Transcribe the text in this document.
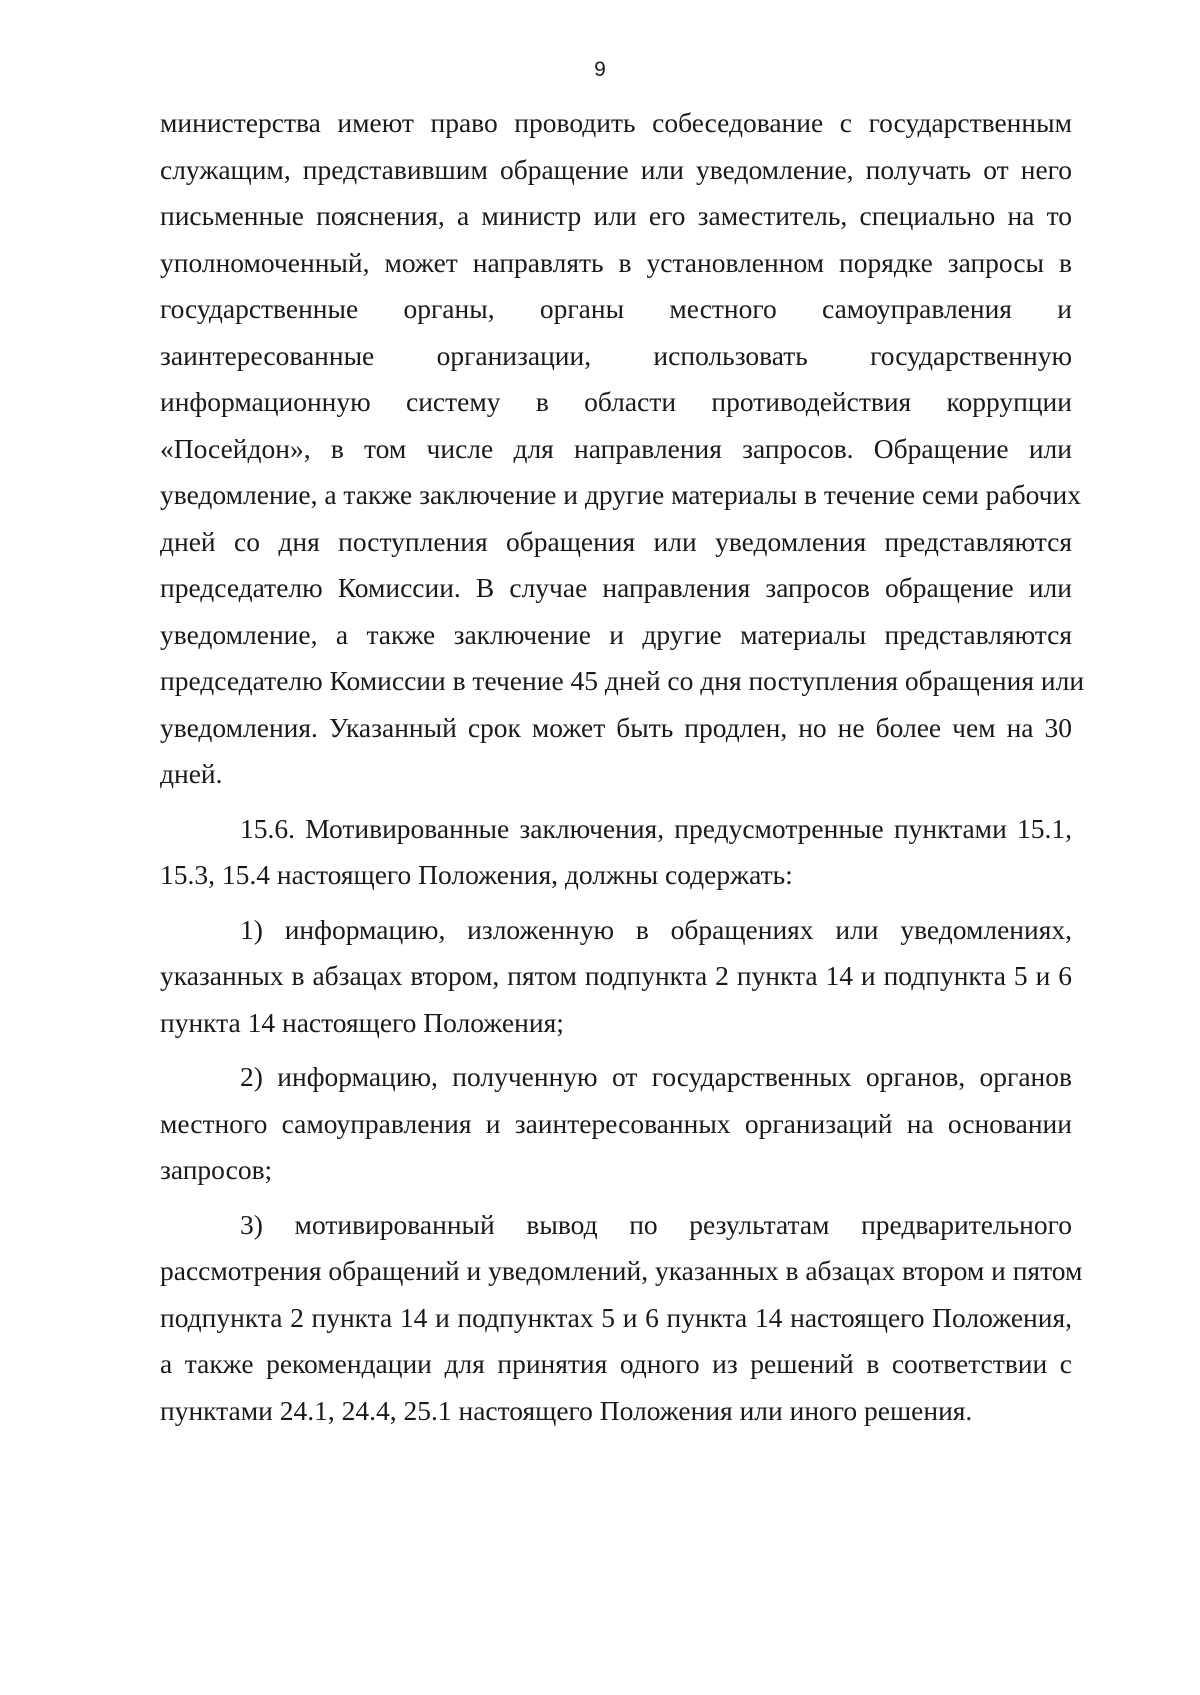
9
министерства имеют право проводить собеседование с государственным
служащим, представившим обращение или уведомление, получать от него
письменные пояснения, а министр или его заместитель, специально на то
уполномоченный, может направлять в установленном порядке запросы в
государственные органы, органы местного самоуправления и
заинтересованные организации, использовать государственную
информационную систему в области противодействия коррупции
«Посейдон», в том числе для направления запросов. Обращение или
уведомление, а также заключение и другие материалы в течение семи рабочих
дней со дня поступления обращения или уведомления представляются
председателю Комиссии. В случае направления запросов обращение или
уведомление, а также заключение и другие материалы представляются
председателю Комиссии в течение 45 дней со дня поступления обращения или
уведомления. Указанный срок может быть продлен, но не более чем на 30
дней.
15.6. Мотивированные заключения, предусмотренные пунктами 15.1,
15.3, 15.4 настоящего Положения, должны содержать:
1) информацию, изложенную в обращениях или уведомлениях,
указанных в абзацах втором, пятом подпункта 2 пункта 14 и подпункта 5 и 6
пункта 14 настоящего Положения;
2) информацию, полученную от государственных органов, органов
местного самоуправления и заинтересованных организаций на основании
запросов;
3) мотивированный вывод по результатам предварительного
рассмотрения обращений и уведомлений, указанных в абзацах втором и пятом
подпункта 2 пункта 14 и подпунктах 5 и 6 пункта 14 настоящего Положения,
а также рекомендации для принятия одного из решений в соответствии с
пунктами 24.1, 24.4, 25.1 настоящего Положения или иного решения.
